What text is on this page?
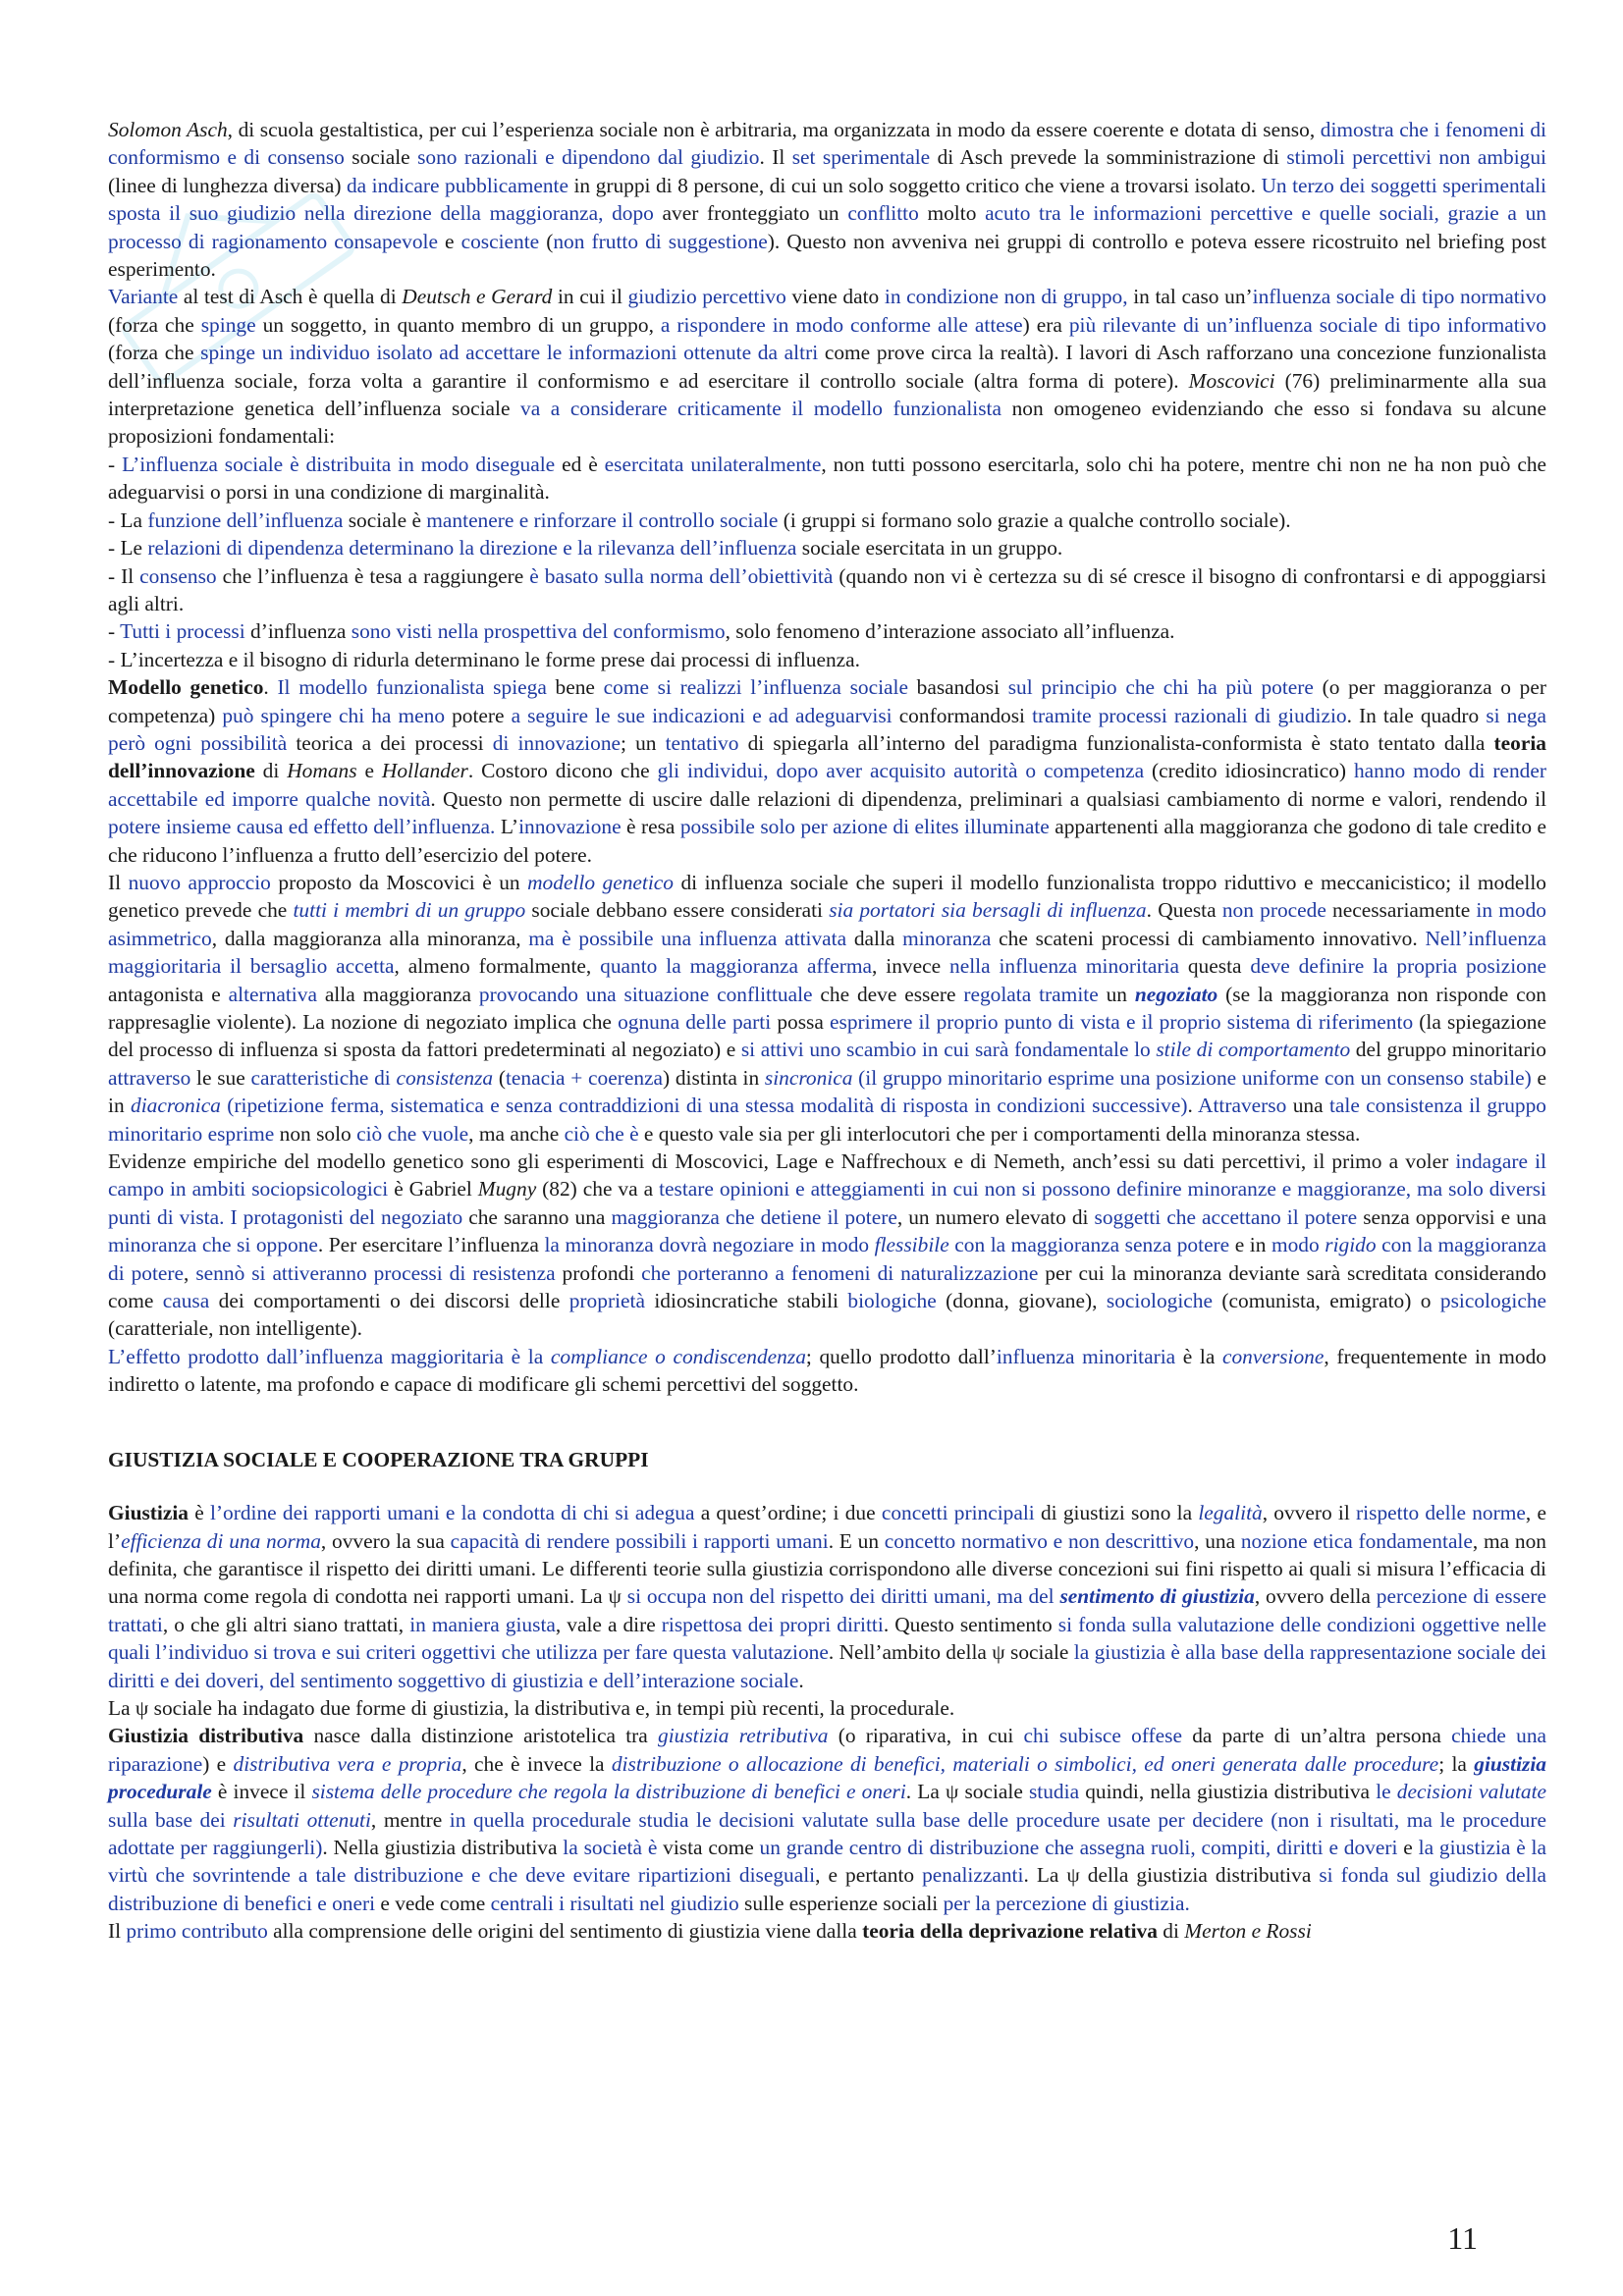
Solomon Asch, di scuola gestaltistica, per cui l’esperienza sociale non è arbitraria, ma organizzata in modo da essere coerente e dotata di senso, dimostra che i fenomeni di conformismo e di consenso sociale sono razionali e dipendono dal giudizio. Il set sperimentale di Asch prevede la somministrazione di stimoli percettivi non ambigui (linee di lunghezza diversa) da indicare pubblicamente in gruppi di 8 persone, di cui un solo soggetto critico che viene a trovarsi isolato. Un terzo dei soggetti sperimentali sposta il suo giudizio nella direzione della maggioranza, dopo aver fronteggiato un conflitto molto acuto tra le informazioni percettive e quelle sociali, grazie a un processo di ragionamento consapevole e cosciente (non frutto di suggestione). Questo non avveniva nei gruppi di controllo e poteva essere ricostruito nel briefing post esperimento.

Variante al test di Asch è quella di Deutsch e Gerard in cui il giudizio percettivo viene dato in condizione non di gruppo, in tal caso un’influenza sociale di tipo normativo (forza che spinge un soggetto, in quanto membro di un gruppo, a rispondere in modo conforme alle attese) era più rilevante di un’influenza sociale di tipo informativo (forza che spinge un individuo isolato ad accettare le informazioni ottenute da altri come prove circa la realtà). I lavori di Asch rafforzano una concezione funzionalista dell’influenza sociale, forza volta a garantire il conformismo e ad esercitare il controllo sociale (altra forma di potere). Moscovici (76) preliminarmente alla sua interpretazione genetica dell’influenza sociale va a considerare criticamente il modello funzionalista non omogeneo evidenziando che esso si fondava su alcune proposizioni fondamentali:

- L’influenza sociale è distribuita in modo diseguale ed è esercitata unilateralmente, non tutti possono esercitarla, solo chi ha potere, mentre chi non ne ha non può che adeguarvisi o porsi in una condizione di marginalità.

- La funzione dell’influenza sociale è mantenere e rinforzare il controllo sociale (i gruppi si formano solo grazie a qualche controllo sociale).

- Le relazioni di dipendenza determinano la direzione e la rilevanza dell’influenza sociale esercitata in un gruppo.

- Il consenso che l’influenza è tesa a raggiungere è basato sulla norma dell’obiettività (quando non vi è certezza su di sé cresce il bisogno di confrontarsi e di appoggiarsi agli altri.

- Tutti i processi d’influenza sono visti nella prospettiva del conformismo, solo fenomeno d’interazione associato all’influenza.

- L’incertezza e il bisogno di ridurla determinano le forme prese dai processi di influenza.

Modello genetico. Il modello funzionalista spiega bene come si realizzi l’influenza sociale basandosi sul principio che chi ha più potere (o per maggioranza o per competenza) può spingere chi ha meno potere a seguire le sue indicazioni e ad adeguarvisi conformandosi tramite processi razionali di giudizio. In tale quadro si nega però ogni possibilità teorica a dei processi di innovazione; un tentativo di spiegarla all’interno del paradigma funzionalista-conformista è stato tentato dalla teoria dell’innovazione di Homans e Hollander. Costoro dicono che gli individui, dopo aver acquisito autorità o competenza (credito idiosincratico) hanno modo di render accettabile ed imporre qualche novità. Questo non permette di uscire dalle relazioni di dipendenza, preliminari a qualsiasi cambiamento di norme e valori, rendendo il potere insieme causa ed effetto dell’influenza. L’innovazione è resa possibile solo per azione di elites illuminate appartenenti alla maggioranza che godono di tale credito e che riducono l’influenza a frutto dell’esercizio del potere.

Il nuovo approccio proposto da Moscovici è un modello genetico di influenza sociale che superi il modello funzionalista troppo riduttivo e meccanicistico; il modello genetico prevede che tutti i membri di un gruppo sociale debbano essere considerati sia portatori sia bersagli di influenza. Questa non procede necessariamente in modo asimmetrico, dalla maggioranza alla minoranza, ma è possibile una influenza attivata dalla minoranza che scateni processi di cambiamento innovativo. Nell’influenza maggioritaria il bersaglio accetta, almeno formalmente, quanto la maggioranza afferma, invece nella influenza minoritaria questa deve definire la propria posizione antagonista e alternativa alla maggioranza provocando una situazione conflittuale che deve essere regolata tramite un negoziato (se la maggioranza non risponde con rappresaglie violente). La nozione di negoziato implica che ognuna delle parti possa esprimere il proprio punto di vista e il proprio sistema di riferimento (la spiegazione del processo di influenza si sposta da fattori predeterminati al negoziato) e si attivi uno scambio in cui sarà fondamentale lo stile di comportamento del gruppo minoritario attraverso le sue caratteristiche di consistenza (tenacia + coerenza) distinta in sincronica (il gruppo minoritario esprime una posizione uniforme con un consenso stabile) e in diacronica (ripetizione ferma, sistematica e senza contraddizioni di una stessa modalità di risposta in condizioni successive). Attraverso una tale consistenza il gruppo minoritario esprime non solo ciò che vuole, ma anche ciò che è e questo vale sia per gli interlocutori che per i comportamenti della minoranza stessa.

Evidenze empiriche del modello genetico sono gli esperimenti di Moscovici, Lage e Naffrechoux e di Nemeth, anch’essi su dati percettivi, il primo a voler indagare il campo in ambiti sociopsicologici è Gabriel Mugny (82) che va a testare opinioni e atteggiamenti in cui non si possono definire minoranze e maggioranze, ma solo diversi punti di vista. I protagonisti del negoziato che saranno una maggioranza che detiene il potere, un numero elevato di soggetti che accettano il potere senza opporvisi e una minoranza che si oppone. Per esercitare l’influenza la minoranza dovrà negoziare in modo flessibile con la maggioranza senza potere e in modo rigido con la maggioranza di potere, sennò si attiveranno processi di resistenza profondi che porteranno a fenomeni di naturalizzazione per cui la minoranza deviante sarà screditata considerando come causa dei comportamenti o dei discorsi delle proprietà idiosincratiche stabili biologiche (donna, giovane), sociologiche (comunista, emigrato) o psicologiche (caratteriale, non intelligente).

L’effetto prodotto dall’influenza maggioritaria è la compliance o condiscendenza; quello prodotto dall’influenza minoritaria è la conversione, frequentemente in modo indiretto o latente, ma profondo e capace di modificare gli schemi percettivi del soggetto.

GIUSTIZIA SOCIALE E COOPERAZIONE TRA GRUPPI

Giustizia è l’ordine dei rapporti umani e la condotta di chi si adegua a quest’ordine; i due concetti principali di giustizi sono la legalità, ovvero il rispetto delle norme, e l’efficienza di una norma, ovvero la sua capacità di rendere possibili i rapporti umani. E un concetto normativo e non descrittivo, una nozione etica fondamentale, ma non definita, che garantisce il rispetto dei diritti umani. Le differenti teorie sulla giustizia corrispondono alle diverse concezioni sui fini rispetto ai quali si misura l’efficacia di una norma come regola di condotta nei rapporti umani. La ψ si occupa non del rispetto dei diritti umani, ma del sentimento di giustizia, ovvero della percezione di essere trattati, o che gli altri siano trattati, in maniera giusta, vale a dire rispettosa dei propri diritti. Questo sentimento si fonda sulla valutazione delle condizioni oggettive nelle quali l’individuo si trova e sui criteri oggettivi che utilizza per fare questa valutazione. Nell’ambito della ψ sociale la giustizia è alla base della rappresentazione sociale dei diritti e dei doveri, del sentimento soggettivo di giustizia e dell’interazione sociale.

La ψ sociale ha indagato due forme di giustizia, la distributiva e, in tempi più recenti, la procedurale.

Giustizia distributiva nasce dalla distinzione aristotelica tra giustizia retributiva (o riparativa, in cui chi subisce offese da parte di un’altra persona chiede una riparazione) e distributiva vera e propria, che è invece la distribuzione o allocazione di benefici, materiali o simbolici, ed oneri generata dalle procedure; la giustizia procedurale è invece il sistema delle procedure che regola la distribuzione di benefici e oneri. La ψ sociale studia quindi, nella giustizia distributiva le decisioni valutate sulla base dei risultati ottenuti, mentre in quella procedurale studia le decisioni valutate sulla base delle procedure usate per decidere (non i risultati, ma le procedure adottate per raggiungerli). Nella giustizia distributiva la società è vista come un grande centro di distribuzione che assegna ruoli, compiti, diritti e doveri e la giustizia è la virtù che sovrintende a tale distribuzione e che deve evitare ripartizioni diseguali, e pertanto penalizzanti. La ψ della giustizia distributiva si fonda sul giudizio della distribuzione di benefici e oneri e vede come centrali i risultati nel giudizio sulle esperienze sociali per la percezione di giustizia.

Il primo contributo alla comprensione delle origini del sentimento di giustizia viene dalla teoria della deprivazione relativa di Merton e Rossi

11
